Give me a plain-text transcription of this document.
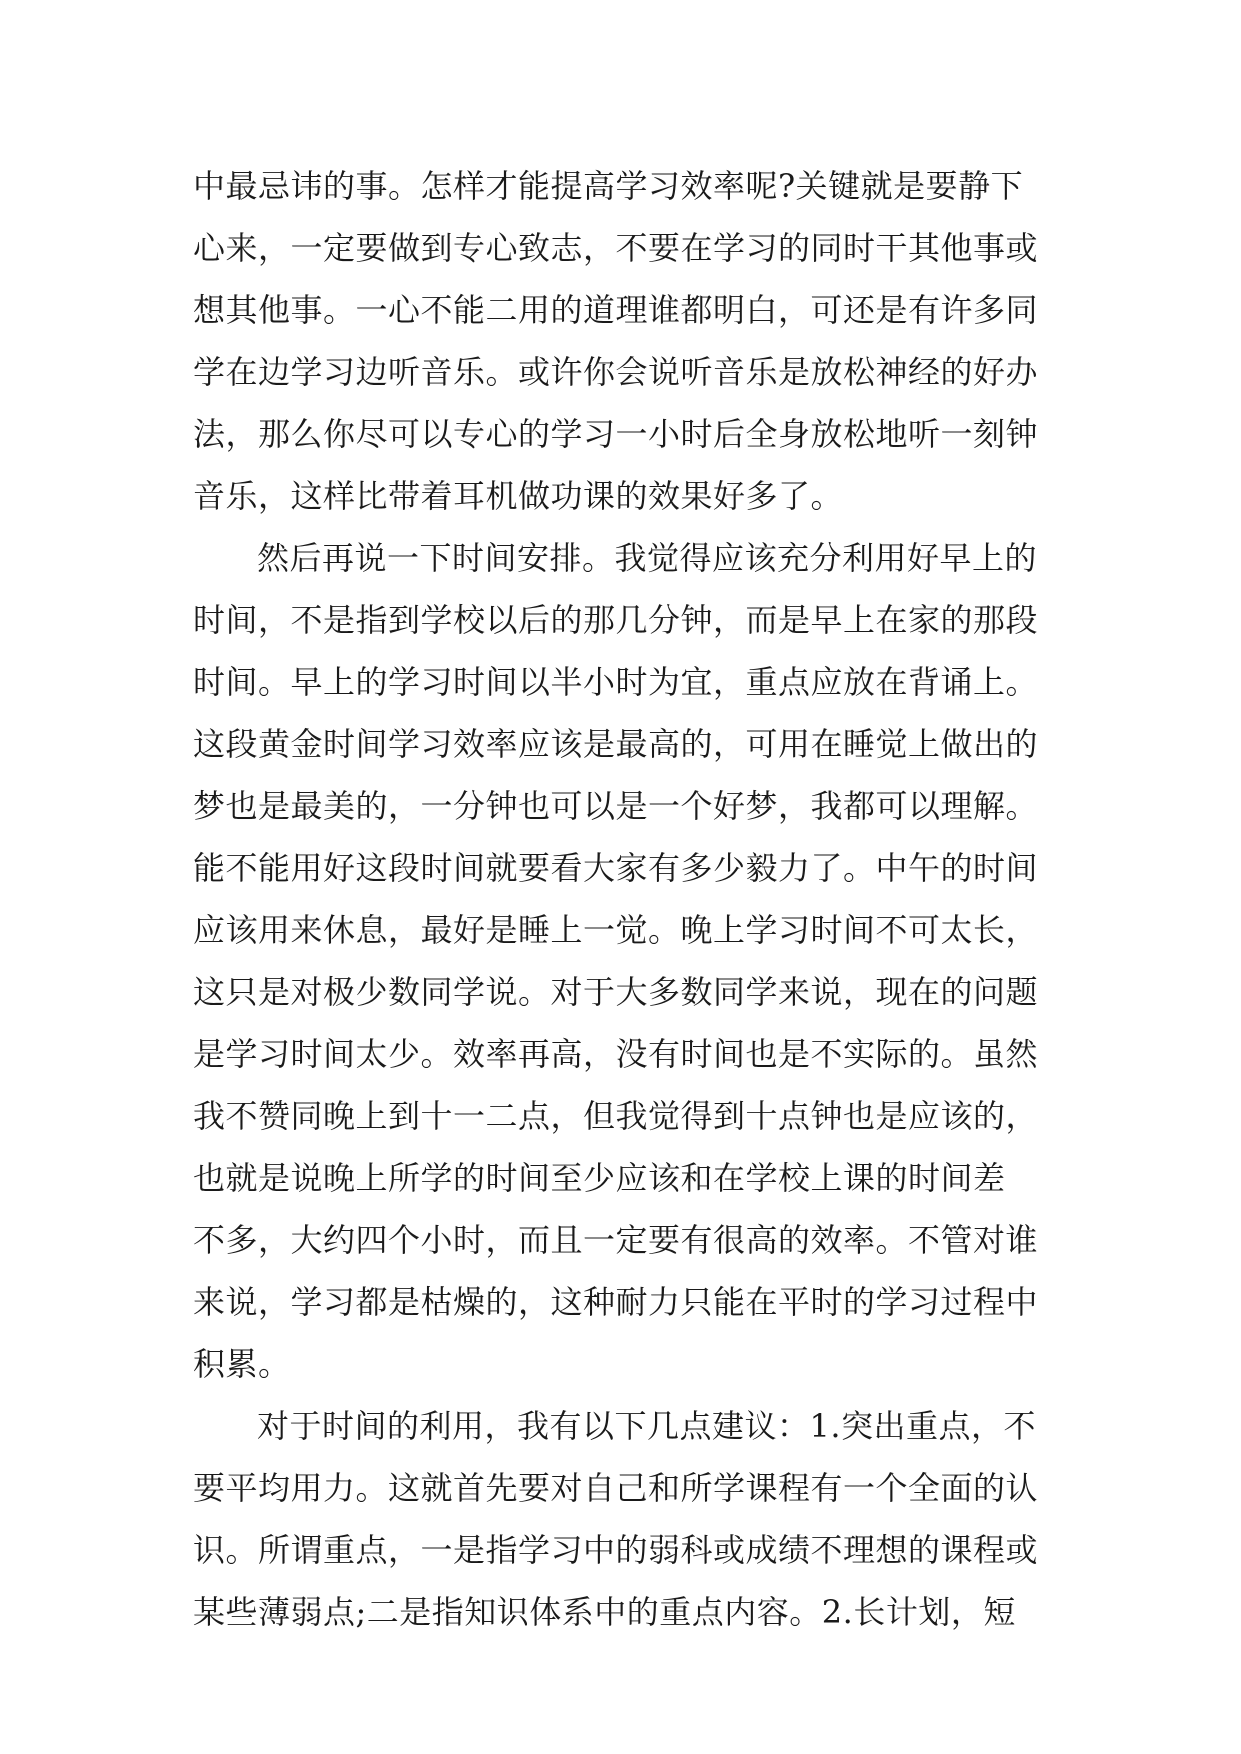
中最忌讳的事。怎样才能提高学习效率呢?关键就是要静下
心来，一定要做到专心致志，不要在学习的同时干其他事或
想其他事。一心不能二用的道理谁都明白，可还是有许多同
学在边学习边听音乐。或许你会说听音乐是放松神经的好办
法，那么你尽可以专心的学习一小时后全身放松地听一刻钟
音乐，这样比带着耳机做功课的效果好多了。
然后再说一下时间安排。我觉得应该充分利用好早上的
时间，不是指到学校以后的那几分钟，而是早上在家的那段
时间。早上的学习时间以半小时为宜，重点应放在背诵上。
这段黄金时间学习效率应该是最高的，可用在睡觉上做出的
梦也是最美的，一分钟也可以是一个好梦，我都可以理解。
能不能用好这段时间就要看大家有多少毅力了。中午的时间
应该用来休息，最好是睡上一觉。晚上学习时间不可太长，
这只是对极少数同学说。对于大多数同学来说，现在的问题
是学习时间太少。效率再高，没有时间也是不实际的。虽然
我不赞同晚上到十一二点，但我觉得到十点钟也是应该的，
也就是说晚上所学的时间至少应该和在学校上课的时间差
不多，大约四个小时，而且一定要有很高的效率。不管对谁
来说，学习都是枯燥的，这种耐力只能在平时的学习过程中
积累。
对于时间的利用，我有以下几点建议：1.突出重点，不
要平均用力。这就首先要对自己和所学课程有一个全面的认
识。所谓重点，一是指学习中的弱科或成绩不理想的课程或
某些薄弱点;二是指知识体系中的重点内容。2.长计划，短
